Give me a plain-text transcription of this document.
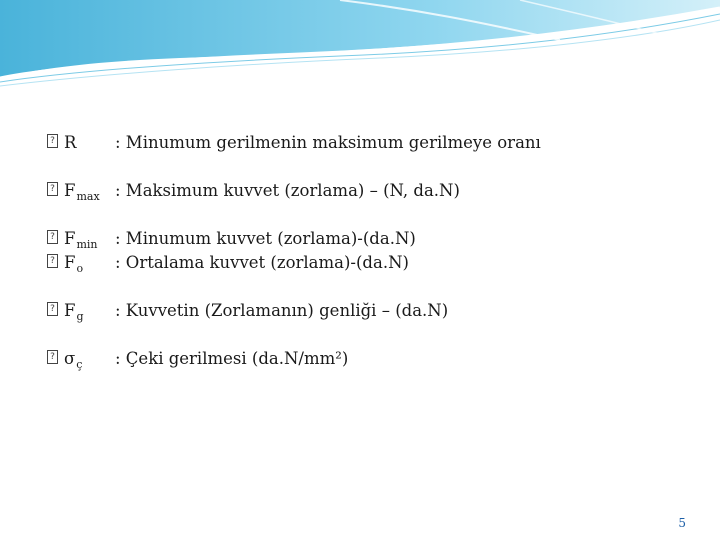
? R : Minumum gerilmenin maksimum gerilmeye oranı
? $F_{max}$ : Maksimum kuvvet (zorlama) – (N, da.N)
? $F_{min}$ : Minumum kuvvet (zorlama)-(da.N)
? $F_o$ : Ortalama kuvvet (zorlama)-(da.N)
? $F_g$ : Kuvvetin (Zorlamanın) genliği – (da.N)
? $\sigma_ç$ : Çeki gerilmesi (da.N/mm²)
5
